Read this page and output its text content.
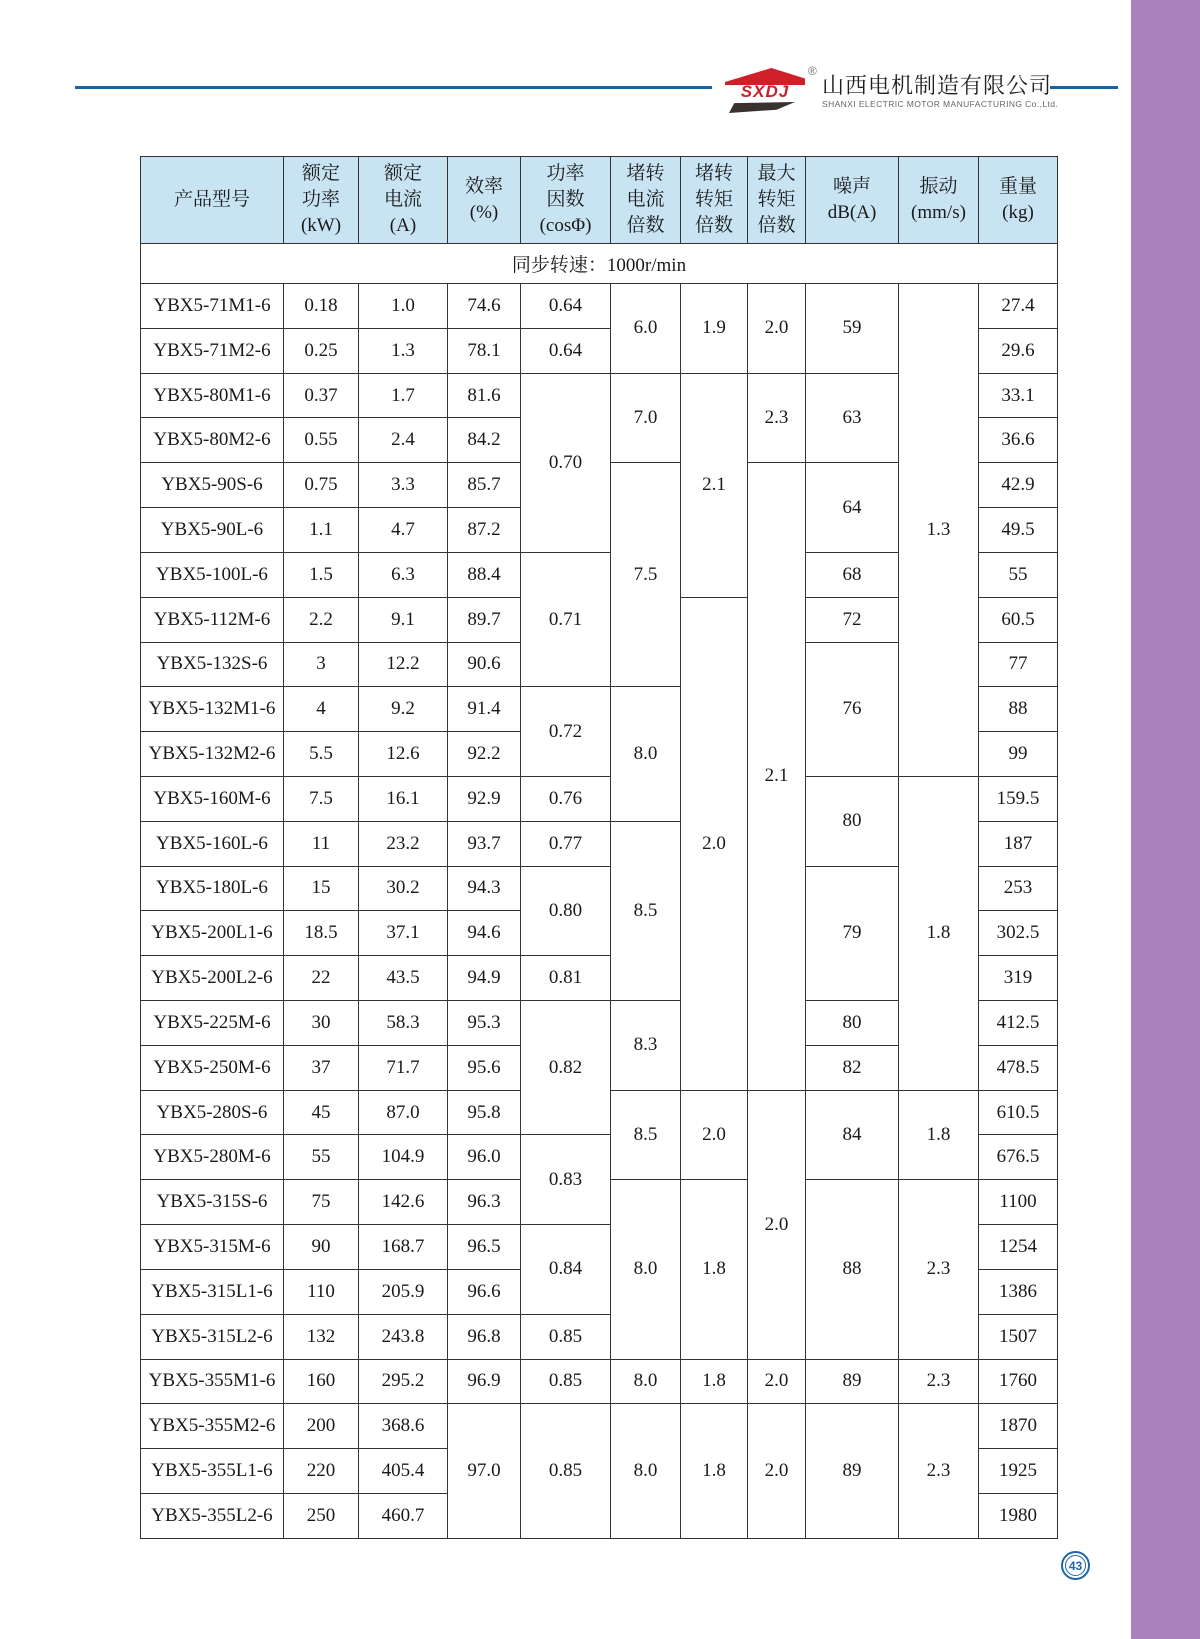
SXDJ
®
山西电机制造有限公司
SHANXI ELECTRIC MOTOR MANUFACTURING Co.,Ltd.
产品型号

额定
功率
(kW)

额定
电流
(A)

效率
(%)

功率
因数
(cosΦ)

堵转
电流
倍数

堵转
转矩
倍数

最大
转矩
倍数

噪声
dB(A)

振动
(mm/s)

重量
(kg)

同步转速：1000r/min										
YBX5-71M1-6	0.18	1.0	74.6	0.64	6.0	1.9	2.0	59	1.3	27.4
YBX5-71M2-6	0.25	1.3	78.1	0.64						29.6
YBX5-80M1-6	0.37	1.7	81.6	0.70	7.0	2.1	2.3	63		33.1
YBX5-80M2-6	0.55	2.4	84.2							36.6
YBX5-90S-6	0.75	3.3	85.7		7.5		2.1	64		42.9
YBX5-90L-6	1.1	4.7	87.2							49.5
YBX5-100L-6	1.5	6.3	88.4	0.71				68		55
YBX5-112M-6	2.2	9.1	89.7			2.0		72		60.5
YBX5-132S-6	3	12.2	90.6					76		77
YBX5-132M1-6	4	9.2	91.4	0.72	8.0					88
YBX5-132M2-6	5.5	12.6	92.2							99
YBX5-160M-6	7.5	16.1	92.9	0.76				80	1.8	159.5
YBX5-160L-6	11	23.2	93.7	0.77	8.5					187
YBX5-180L-6	15	30.2	94.3	0.80				79		253
YBX5-200L1-6	18.5	37.1	94.6							302.5
YBX5-200L2-6	22	43.5	94.9	0.81						319
YBX5-225M-6	30	58.3	95.3	0.82	8.3			80		412.5
YBX5-250M-6	37	71.7	95.6					82		478.5
YBX5-280S-6	45	87.0	95.8		8.5	2.0	2.0	84	1.8	610.5
YBX5-280M-6	55	104.9	96.0	0.83						676.5
YBX5-315S-6	75	142.6	96.3		8.0	1.8		88	2.3	1100
YBX5-315M-6	90	168.7	96.5	0.84						1254
YBX5-315L1-6	110	205.9	96.6							1386
YBX5-315L2-6	132	243.8	96.8	0.85						1507
YBX5-355M1-6	160	295.2	96.9	0.85	8.0	1.8	2.0	89	2.3	1760
YBX5-355M2-6	200	368.6	97.0	0.85	8.0	1.8	2.0	89	2.3	1870
YBX5-355L1-6	220	405.4								1925
YBX5-355L2-6	250	460.7								1980
43
